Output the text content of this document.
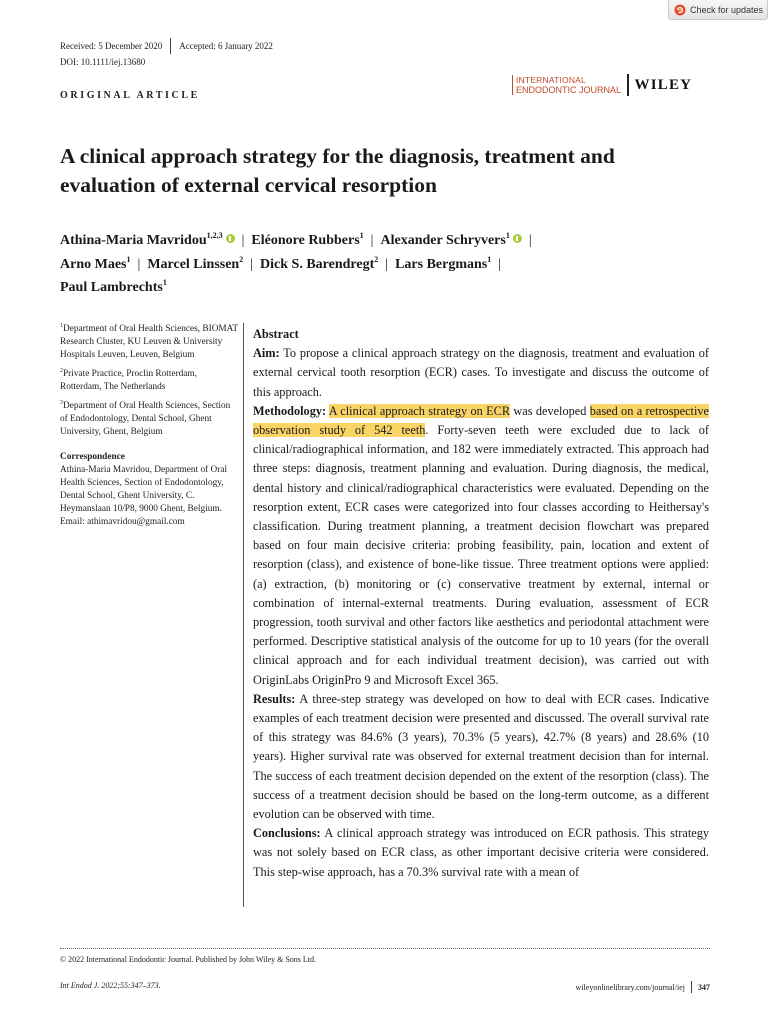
Check for updates
Received: 5 December 2020 Accepted: 6 January 2022
DOI: 10.1111/iej.13680
INTERNATIONAL
ENDODONTIC JOURNAL WILEY
ORIGINAL ARTICLE
A clinical approach strategy for the diagnosis, treatment and evaluation of external cervical resorption
Athina-Maria Mavridou$^{1,2,3}$ | Eléonore Rubbers$^1$ | Alexander Schryvers$^1$ |
Arno Maes$^1$ | Marcel Linssen$^2$ | Dick S. Barendregt$^2$ | Lars Bergmans$^1$ |
Paul Lambrechts$^1$
$^1$Department of Oral Health Sciences, BIOMAT Research Cluster, KU Leuven & University Hospitals Leuven, Leuven, Belgium
$^2$Private Practice, Proclin Rotterdam, Rotterdam, The Netherlands
$^3$Department of Oral Health Sciences, Section of Endodontology, Dental School, Ghent University, Ghent, Belgium
Correspondence
Athina-Maria Mavridou, Department of Oral Health Sciences, Section of Endodontology, Dental School, Ghent University, C. Heymanslaan 10/P8, 9000 Ghent, Belgium.
Email: athimavridou@gmail.com

Abstract

Aim: To propose a clinical approach strategy on the diagnosis, treatment and evaluation of external cervical tooth resorption (ECR) cases. To investigate and discuss the outcome of this approach.

Methodology: A clinical approach strategy on ECR was developed based on a retrospective observation study of 542 teeth. Forty-seven teeth were excluded due to lack of clinical/radiographical information, and 182 were immediately extracted. This approach had three steps: diagnosis, treatment planning and evaluation. During diagnosis, the medical, dental history and clinical/radiographical characteristics were evaluated. Depending on the resorption extent, ECR cases were categorized into four classes according to Heithersay's classification. During treatment planning, a treatment decision flowchart was prepared based on four main decisive criteria: probing feasibility, pain, location and extent of resorption (class), and existence of bone-like tissue. Three treatment options were applied: (a) extraction, (b) monitoring or (c) conservative treatment by external, internal or combination of internal-external treatments. During evaluation, assessment of ECR progression, tooth survival and other factors like aesthetics and periodontal attachment were performed. Descriptive statistical analysis of the outcome for up to 10 years (for the overall clinical approach and for each individual treatment decision), was carried out with OriginLabs OriginPro 9 and Microsoft Excel 365.

Results: A three-step strategy was developed on how to deal with ECR cases. Indicative examples of each treatment decision were presented and discussed. The overall survival rate of this strategy was 84.6% (3 years), 70.3% (5 years), 42.7% (8 years) and 28.6% (10 years). Higher survival rate was observed for external treatment decision than for internal. The success of each treatment decision depended on the extent of the resorption (class). The success of a treatment decision should be based on the long-term outcome, as a different evolution can be observed with time.

Conclusions: A clinical approach strategy was introduced on ECR pathosis. This strategy was not solely based on ECR class, as other important decisive criteria were considered. This step-wise approach, has a 70.3% survival rate with a mean of

© 2022 International Endodontic Journal. Published by John Wiley & Sons Ltd.
Int Endod J. 2022;55:347–373.	wileyonlinelibrary.com/journal/iej 347
